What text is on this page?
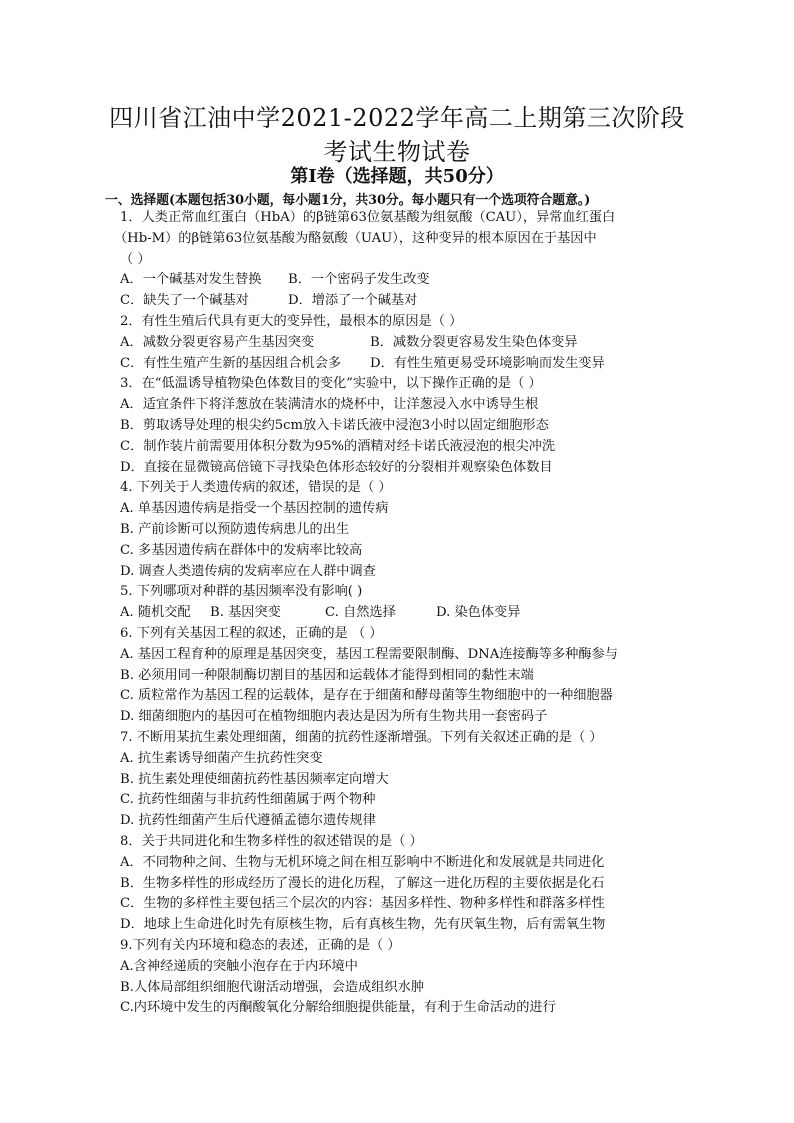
四川省江油中学2021-2022学年高二上期第三次阶段
考试生物试卷
第Ⅰ卷（选择题，共50分）
一、选择题(本题包括30小题，每小题1分，共30分。每小题只有一个选项符合题意。)
1．人类正常血红蛋白（HbA）的β链第63位氨基酸为组氨酸（CAU），异常血红蛋白
（Hb-M）的β链第63位氨基酸为酪氨酸（UAU），这种变异的根本原因在于基因中
（ ）
A．一个碱基对发生替换 B．一个密码子发生改变
C．缺失了一个碱基对	D．增添了一个碱基对
2．有性生殖后代具有更大的变异性，最根本的原因是（ ）
A．减数分裂更容易产生基因突变	B．减数分裂更容易发生染色体变异
C．有性生殖产生新的基因组合机会多 D．有性生殖更易受环境影响而发生变异
3．在“低温诱导植物染色体数目的变化”实验中，以下操作正确的是（ ）
A．适宜条件下将洋葱放在装满清水的烧杯中，让洋葱浸入水中诱导生根
B．剪取诱导处理的根尖约5cm放入卡诺氏液中浸泡3小时以固定细胞形态
C．制作装片前需要用体积分数为95%的酒精对经卡诺氏液浸泡的根尖冲洗
D．直接在显微镜高倍镜下寻找染色体形态较好的分裂相并观察染色体数目
4. 下列关于人类遗传病的叙述，错误的是（ ）
A. 单基因遗传病是指受一个基因控制的遗传病
B. 产前诊断可以预防遗传病患儿的出生
C. 多基因遗传病在群体中的发病率比较高
D. 调查人类遗传病的发病率应在人群中调查
5. 下列哪项对种群的基因频率没有影响( )
A. 随机交配 B. 基因突变	C. 自然选择	D. 染色体变异
6. 下列有关基因工程的叙述，正确的是 （ ）
A. 基因工程育种的原理是基因突变，基因工程需要限制酶、DNA连接酶等多种酶参与
B. 必须用同一种限制酶切割目的基因和运载体才能得到相同的黏性末端
C. 质粒常作为基因工程的运载体，是存在于细菌和酵母菌等生物细胞中的一种细胞器
D. 细菌细胞内的基因可在植物细胞内表达是因为所有生物共用一套密码子
7. 不断用某抗生素处理细菌，细菌的抗药性逐渐增强。下列有关叙述正确的是（ ）
A. 抗生素诱导细菌产生抗药性突变
B. 抗生素处理使细菌抗药性基因频率定向增大
C. 抗药性细菌与非抗药性细菌属于两个物种
D. 抗药性细菌产生后代遵循孟德尔遗传规律
8．关于共同进化和生物多样性的叙述错误的是（ ）
A．不同物种之间、生物与无机环境之间在相互影响中不断进化和发展就是共同进化
B．生物多样性的形成经历了漫长的进化历程，了解这一进化历程的主要依据是化石
C．生物的多样性主要包括三个层次的内容：基因多样性、物种多样性和群落多样性
D．地球上生命进化时先有原核生物，后有真核生物，先有厌氧生物，后有需氧生物
9.下列有关内环境和稳态的表述，正确的是（ ）
A.含神经递质的突触小泡存在于内环境中
B.人体局部组织细胞代谢活动增强，会造成组织水肿
C.内环境中发生的丙酮酸氧化分解给细胞提供能量，有利于生命活动的进行
